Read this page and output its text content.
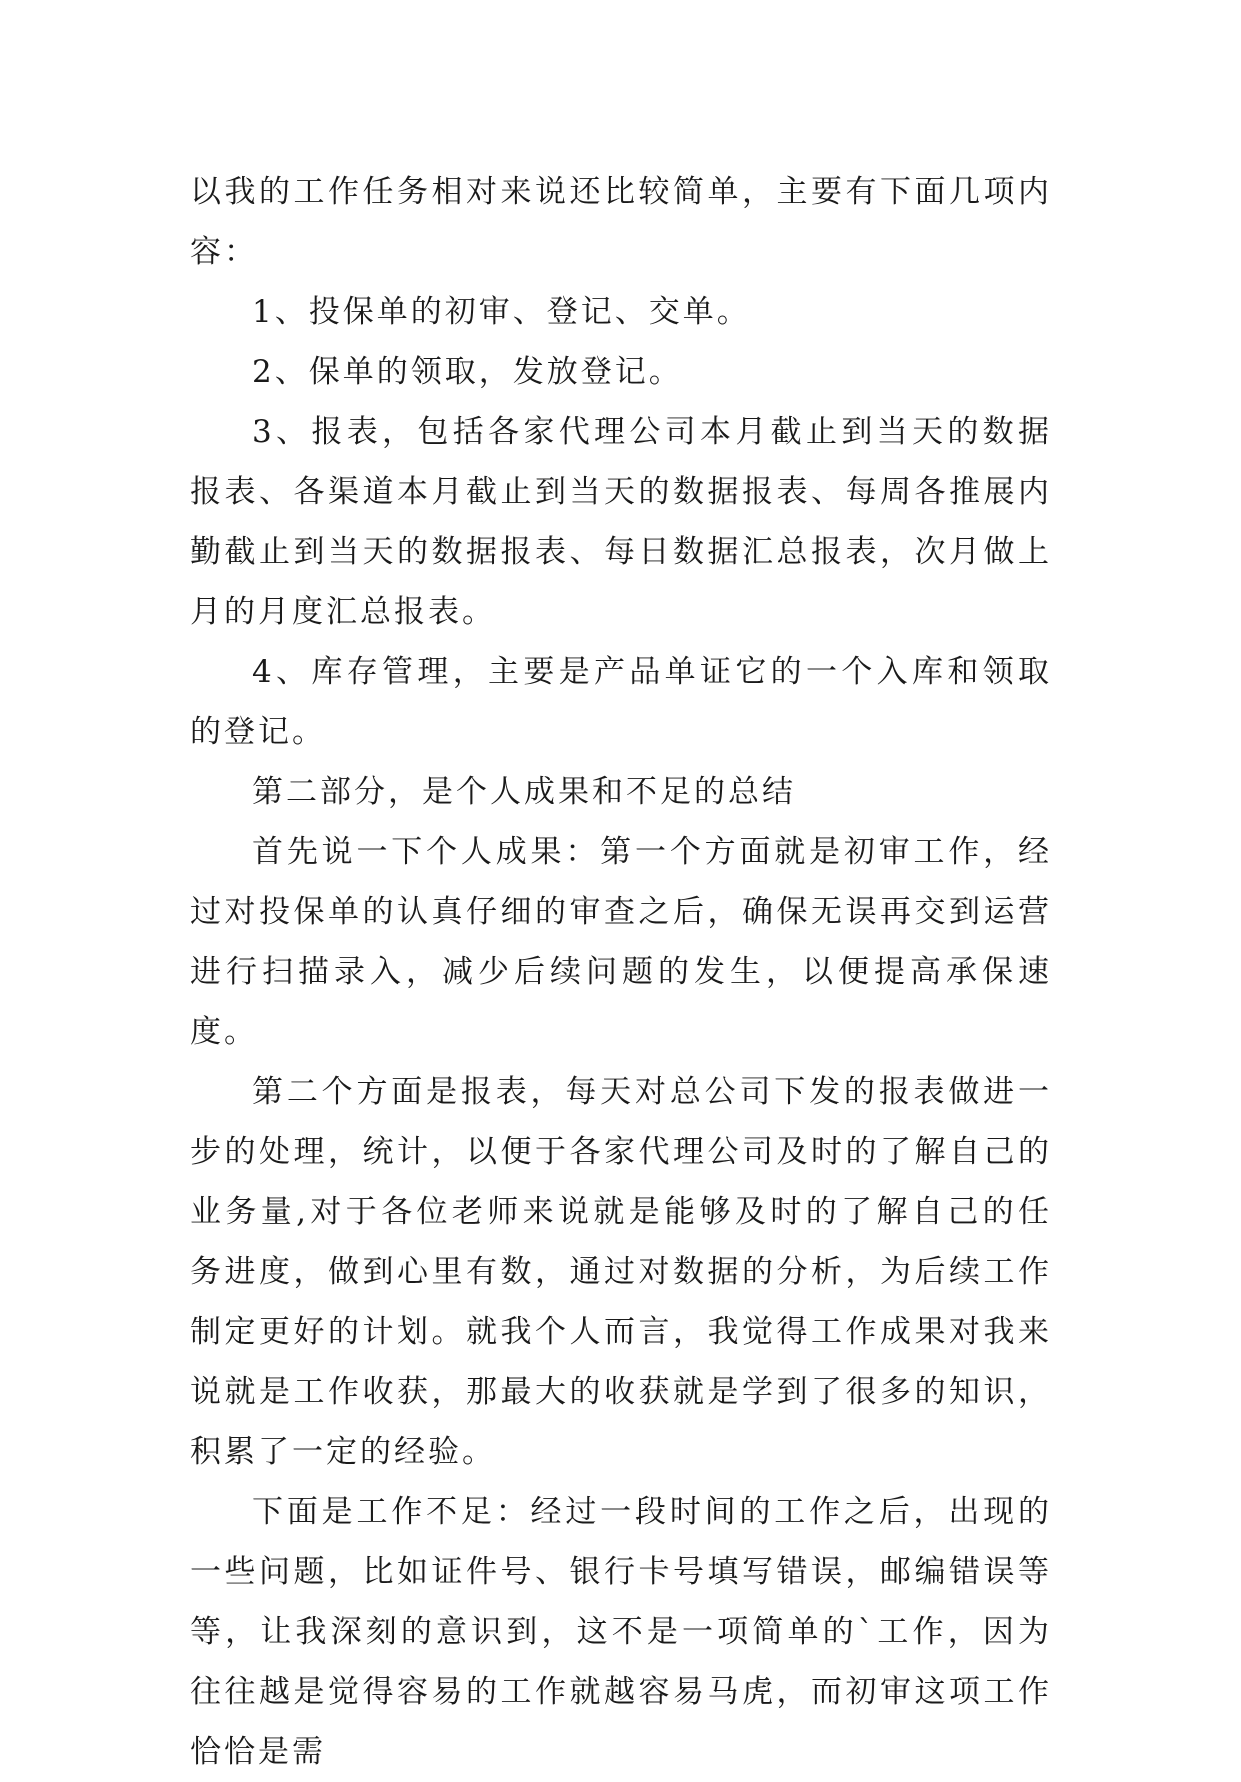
以我的工作任务相对来说还比较简单，主要有下面几项内容：

1、投保单的初审、登记、交单。

2、保单的领取，发放登记。

3、报表，包括各家代理公司本月截止到当天的数据报表、各渠道本月截止到当天的数据报表、每周各推展内勤截止到当天的数据报表、每日数据汇总报表，次月做上月的月度汇总报表。

4、库存管理，主要是产品单证它的一个入库和领取的登记。

第二部分，是个人成果和不足的总结

首先说一下个人成果：第一个方面就是初审工作，经过对投保单的认真仔细的审查之后，确保无误再交到运营进行扫描录入，减少后续问题的发生，以便提高承保速度。

第二个方面是报表，每天对总公司下发的报表做进一步的处理，统计，以便于各家代理公司及时的了解自己的业务量,对于各位老师来说就是能够及时的了解自己的任务进度，做到心里有数，通过对数据的分析，为后续工作制定更好的计划。就我个人而言，我觉得工作成果对我来说就是工作收获，那最大的收获就是学到了很多的知识，积累了一定的经验。

下面是工作不足：经过一段时间的工作之后，出现的一些问题，比如证件号、银行卡号填写错误，邮编错误等等，让我深刻的意识到，这不是一项简单的`工作，因为往往越是觉得容易的工作就越容易马虎，而初审这项工作恰恰是需
